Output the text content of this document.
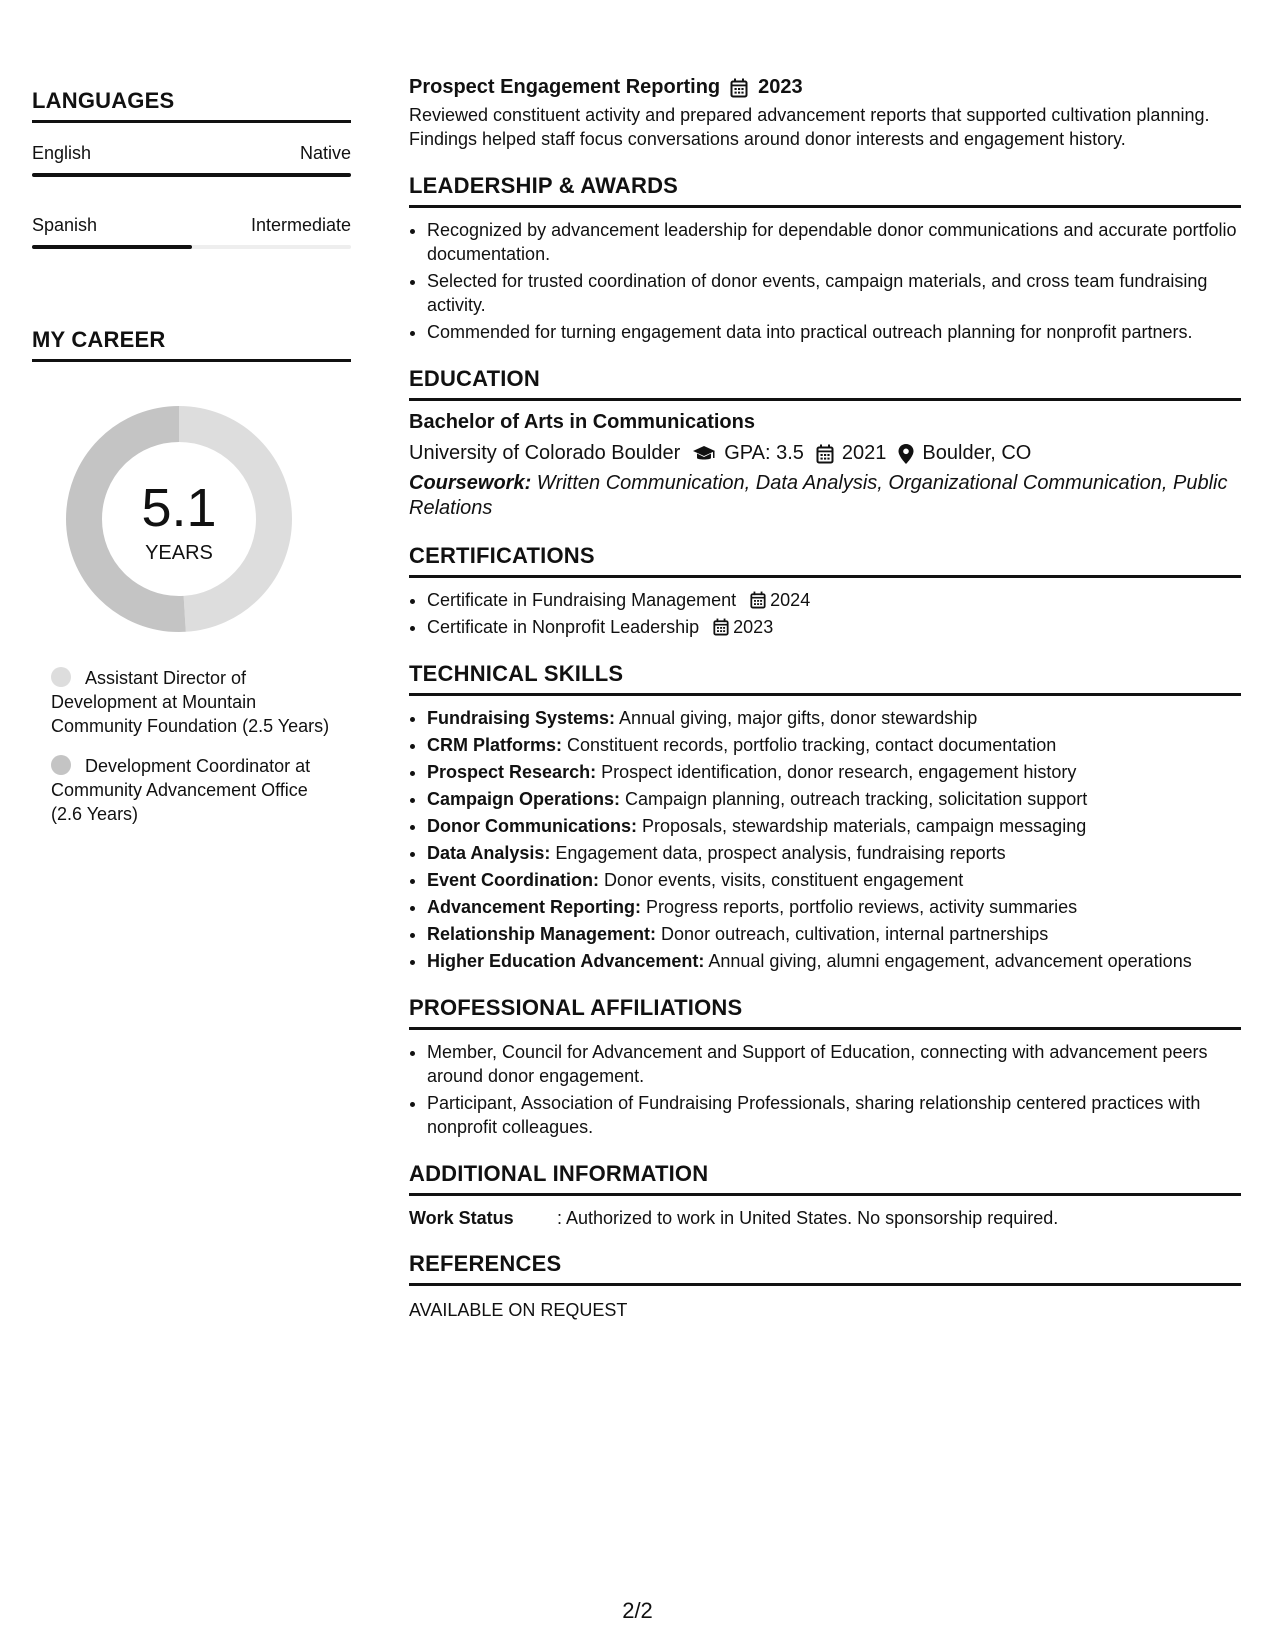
LANGUAGES
English	Native
Spanish	Intermediate
MY CAREER
5.1
YEARS
Assistant Director of Development at Mountain Community Foundation (2.5 Years)
Development Coordinator at Community Advancement Office (2.6 Years)
Prospect Engagement Reporting 2023
Reviewed constituent activity and prepared advancement reports that supported cultivation planning. Findings helped staff focus conversations around donor interests and engagement history.
LEADERSHIP & AWARDS
• Recognized by advancement leadership for dependable donor communications and accurate portfolio documentation.
• Selected for trusted coordination of donor events, campaign materials, and cross team fundraising activity.
• Commended for turning engagement data into practical outreach planning for nonprofit partners.
EDUCATION
Bachelor of Arts in Communications
University of Colorado Boulder GPA: 3.5 2021 Boulder, CO
Coursework: Written Communication, Data Analysis, Organizational Communication, Public Relations
CERTIFICATIONS
• Certificate in Fundraising Management 2024
• Certificate in Nonprofit Leadership 2023
TECHNICAL SKILLS
• Fundraising Systems: Annual giving, major gifts, donor stewardship
• CRM Platforms: Constituent records, portfolio tracking, contact documentation
• Prospect Research: Prospect identification, donor research, engagement history
• Campaign Operations: Campaign planning, outreach tracking, solicitation support
• Donor Communications: Proposals, stewardship materials, campaign messaging
• Data Analysis: Engagement data, prospect analysis, fundraising reports
• Event Coordination: Donor events, visits, constituent engagement
• Advancement Reporting: Progress reports, portfolio reviews, activity summaries
• Relationship Management: Donor outreach, cultivation, internal partnerships
• Higher Education Advancement: Annual giving, alumni engagement, advancement operations
PROFESSIONAL AFFILIATIONS
• Member, Council for Advancement and Support of Education, connecting with advancement peers around donor engagement.
• Participant, Association of Fundraising Professionals, sharing relationship centered practices with nonprofit colleagues.
ADDITIONAL INFORMATION
Work Status	: Authorized to work in United States. No sponsorship required.
REFERENCES
AVAILABLE ON REQUEST
2/2
